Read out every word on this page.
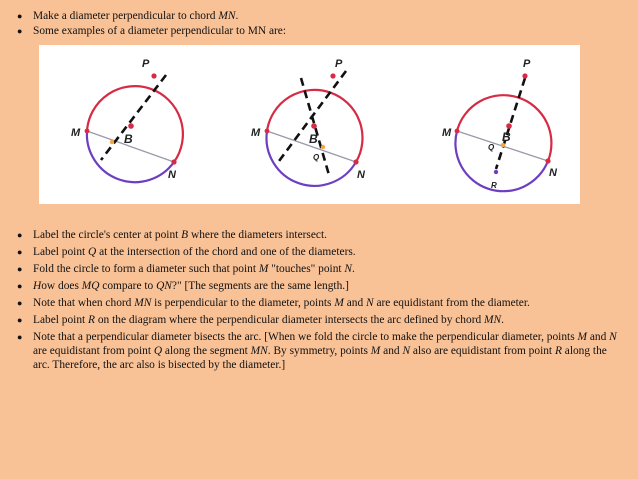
● Make a diameter perpendicular to chord MN.
● Some examples of a diameter perpendicular to MN are:
P
B
M
N
P
B
Q
M
N
P
B
Q
M
N
R
● Label the circle's center at point B where the diameters intersect.
● Label point Q at the intersection of the chord and one of the diameters.
● Fold the circle to form a diameter such that point M "touches" point N.
● How does MQ compare to QN?" [The segments are the same length.]
● Note that when chord MN is perpendicular to the diameter, points M and N are equidistant from the diameter.
● Label point R on the diagram where the perpendicular diameter intersects the arc defined by chord MN.
● Note that a perpendicular diameter bisects the arc. [When we fold the circle to make the perpendicular diameter, points M and N are equidistant from point Q along the segment MN. By symmetry, points M and N also are equidistant from point R along the arc. Therefore, the arc also is bisected by the diameter.]
